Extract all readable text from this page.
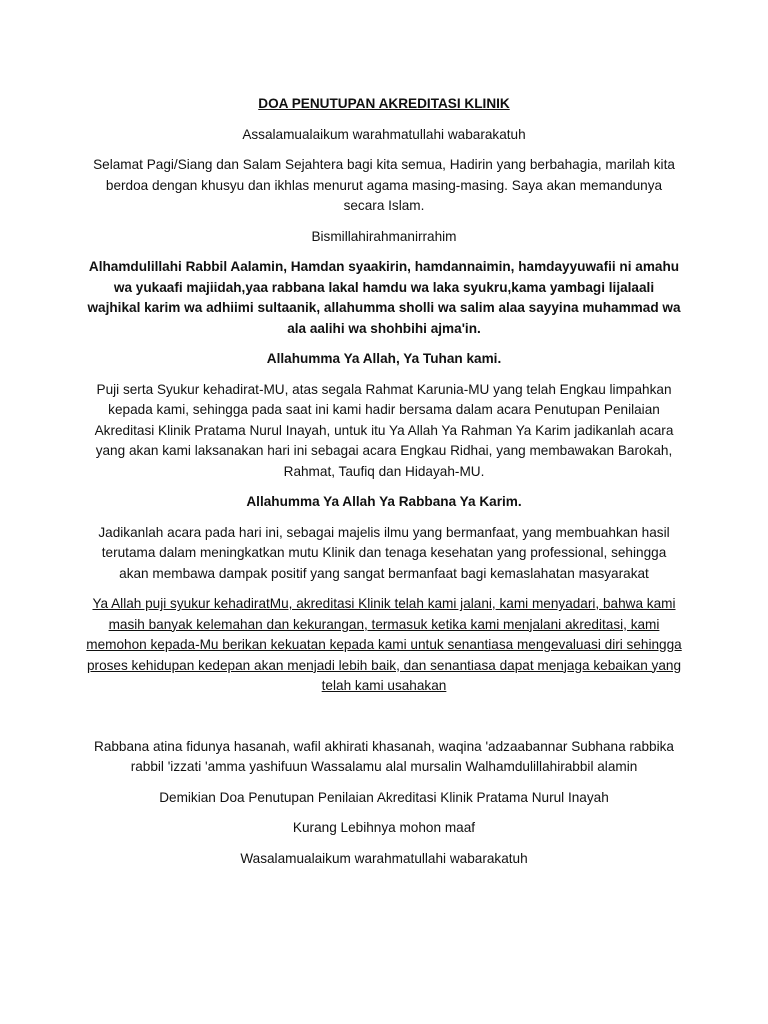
DOA PENUTUPAN AKREDITASI KLINIK

Assalamualaikum warahmatullahi wabarakatuh

Selamat Pagi/Siang dan Salam Sejahtera bagi kita semua, Hadirin yang berbahagia, marilah kita berdoa dengan khusyu dan ikhlas menurut agama masing-masing. Saya akan memandunya secara Islam.

Bismillahirahmanirrahim

Alhamdulillahi Rabbil Aalamin, Hamdan syaakirin, hamdannaimin, hamdayyuwafii ni amahu wa yukaafi majiidah,yaa rabbana lakal hamdu wa laka syukru,kama yambagi lijalaali wajhikal karim wa adhiimi sultaanik, allahumma sholli wa salim alaa sayyina muhammad wa ala aalihi wa shohbihi ajma'in.

Allahumma Ya Allah, Ya Tuhan kami.

Puji serta Syukur kehadirat-MU, atas segala Rahmat Karunia-MU yang telah Engkau limpahkan kepada kami, sehingga pada saat ini kami hadir bersama dalam acara Penutupan Penilaian Akreditasi Klinik Pratama Nurul Inayah, untuk itu Ya Allah Ya Rahman Ya Karim jadikanlah acara yang akan kami laksanakan hari ini sebagai acara Engkau Ridhai, yang membawakan Barokah, Rahmat, Taufiq dan Hidayah-MU.

Allahumma Ya Allah Ya Rabbana Ya Karim.

Jadikanlah acara pada hari ini, sebagai majelis ilmu yang bermanfaat, yang membuahkan hasil terutama dalam meningkatkan mutu Klinik dan tenaga kesehatan yang professional, sehingga akan membawa dampak positif yang sangat bermanfaat bagi kemaslahatan masyarakat

Ya Allah puji syukur kehadiratMu, akreditasi Klinik telah kami jalani, kami menyadari, bahwa kami masih banyak kelemahan dan kekurangan, termasuk ketika kami menjalani akreditasi, kami memohon kepada-Mu berikan kekuatan kepada kami untuk senantiasa mengevaluasi diri sehingga proses kehidupan kedepan akan menjadi lebih baik, dan senantiasa dapat menjaga kebaikan yang telah kami usahakan

Rabbana atina fidunya hasanah, wafil akhirati khasanah, waqina 'adzaabannar Subhana rabbika rabbil 'izzati 'amma yashifuun Wassalamu alal mursalin Walhamdulillahirabbil alamin

Demikian Doa Penutupan Penilaian Akreditasi Klinik Pratama Nurul Inayah

Kurang Lebihnya mohon maaf

Wasalamualaikum warahmatullahi wabarakatuh
